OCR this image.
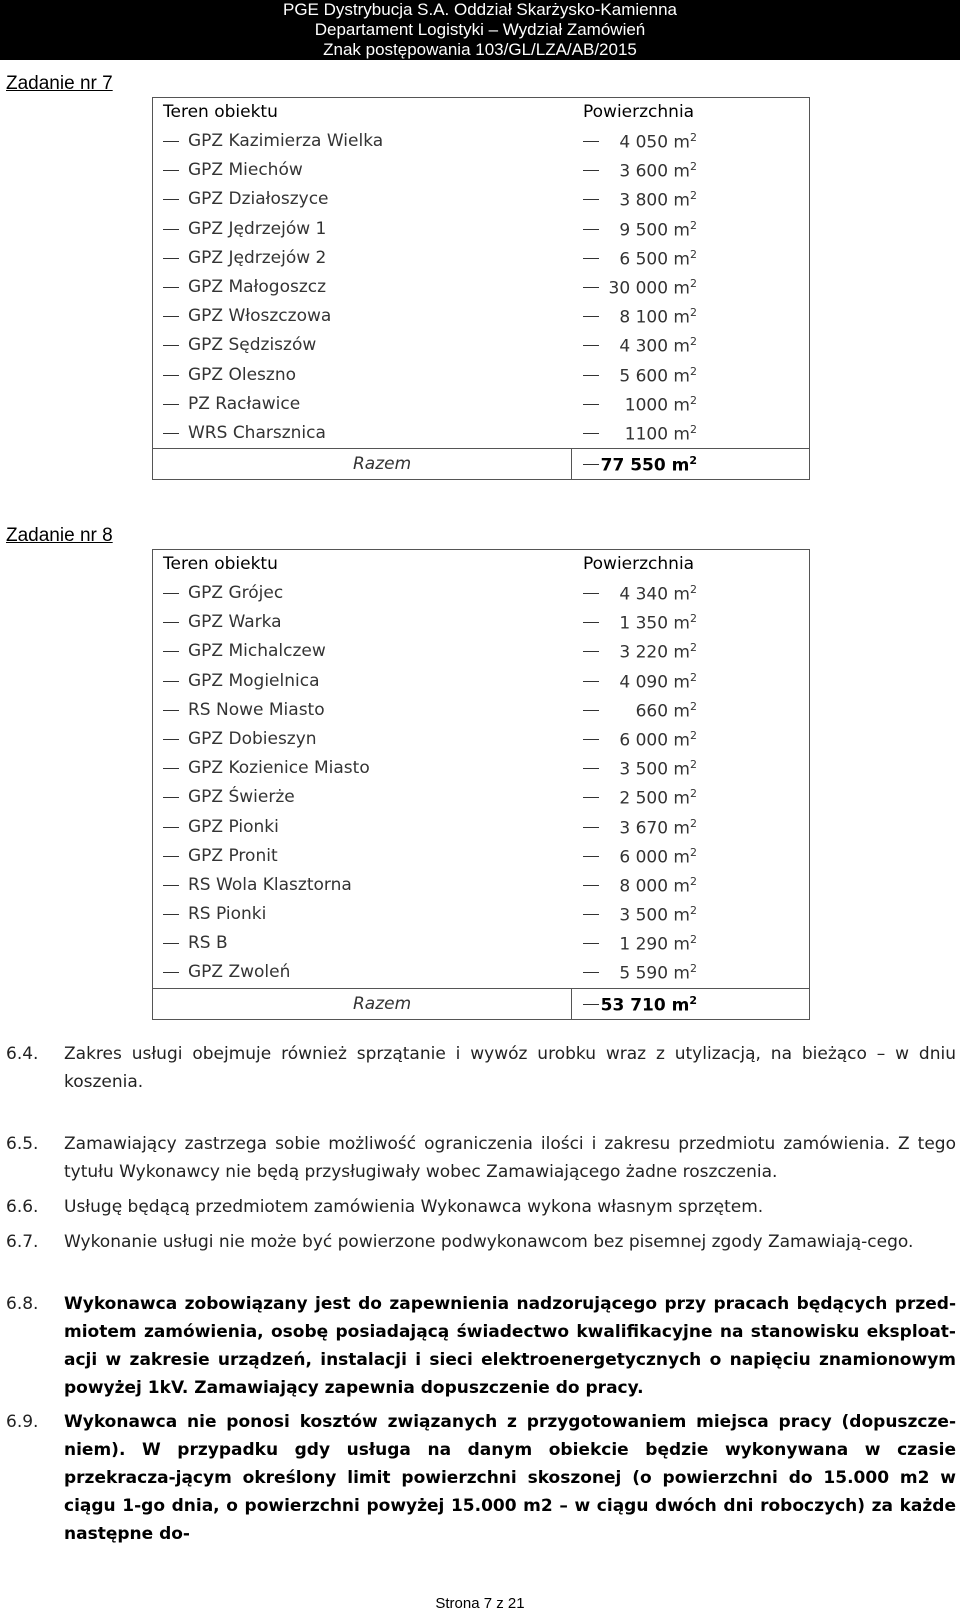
PGE Dystrybucja S.A. Oddział Skarżysko-Kamienna
Departament Logistyki – Wydział Zamówień
Znak postępowania 103/GL/LZA/AB/2015
Zadanie nr 7
Teren obiektu	Powierzchnia
GPZ Kazimierza Wielka	4 050 $m^2$
GPZ Miechów	3 600 $m^2$
GPZ Działoszyce	3 800 $m^2$
GPZ Jędrzejów 1	9 500 $m^2$
GPZ Jędrzejów 2	6 500 $m^2$
GPZ Małogoszcz	30 000 $m^2$
GPZ Włoszczowa	8 100 $m^2$
GPZ Sędziszów	4 300 $m^2$
GPZ Oleszno	5 600 $m^2$
PZ Racławice	1000 $m^2$
WRS Charsznica	1100 $m^2$
Razem	77 550 $m^2$
Zadanie nr 8
Teren obiektu	Powierzchnia
GPZ Grójec	4 340 $m^2$
GPZ Warka	1 350 $m^2$
GPZ Michalczew	3 220 $m^2$
GPZ Mogielnica	4 090 $m^2$
RS Nowe Miasto	660 $m^2$
GPZ Dobieszyn	6 000 $m^2$
GPZ Kozienice Miasto	3 500 $m^2$
GPZ Świerże	2 500 $m^2$
GPZ Pionki	3 670 $m^2$
GPZ Pronit	6 000 $m^2$
RS Wola Klasztorna	8 000 $m^2$
RS Pionki	3 500 $m^2$
RS B	1 290 $m^2$
GPZ Zwoleń	5 590 $m^2$
Razem	53 710 $m^2$
6.4. Zakres usługi obejmuje również sprzątanie i wywóz urobku wraz z utylizacją, na bieżąco – w dniu koszenia.
6.5. Zamawiający zastrzega sobie możliwość ograniczenia ilości i zakresu przedmiotu zamówienia. Z tego tytułu Wykonawcy nie będą przysługiwały wobec Zamawiającego żadne roszczenia.
6.6. Usługę będącą przedmiotem zamówienia Wykonawca wykona własnym sprzętem.
6.7. Wykonanie usługi nie może być powierzone podwykonawcom bez pisemnej zgody Zamawiają-cego.
6.8. Wykonawca zobowiązany jest do zapewnienia nadzorującego przy pracach będących przed-miotem zamówienia, osobę posiadającą świadectwo kwalifikacyjne na stanowisku eksploat-acji w zakresie urządzeń, instalacji i sieci elektroenergetycznych o napięciu znamionowym powyżej 1kV. Zamawiający zapewnia dopuszczenie do pracy.
6.9. Wykonawca nie ponosi kosztów związanych z przygotowaniem miejsca pracy (dopuszcze-niem). W przypadku gdy usługa na danym obiekcie będzie wykonywana w czasie przekracza-jącym określony limit powierzchni skoszonej (o powierzchni do 15.000 m2 w ciągu 1-go dnia, o powierzchni powyżej 15.000 m2 – w ciągu dwóch dni roboczych) za każde następne do-
Strona 7 z 21
